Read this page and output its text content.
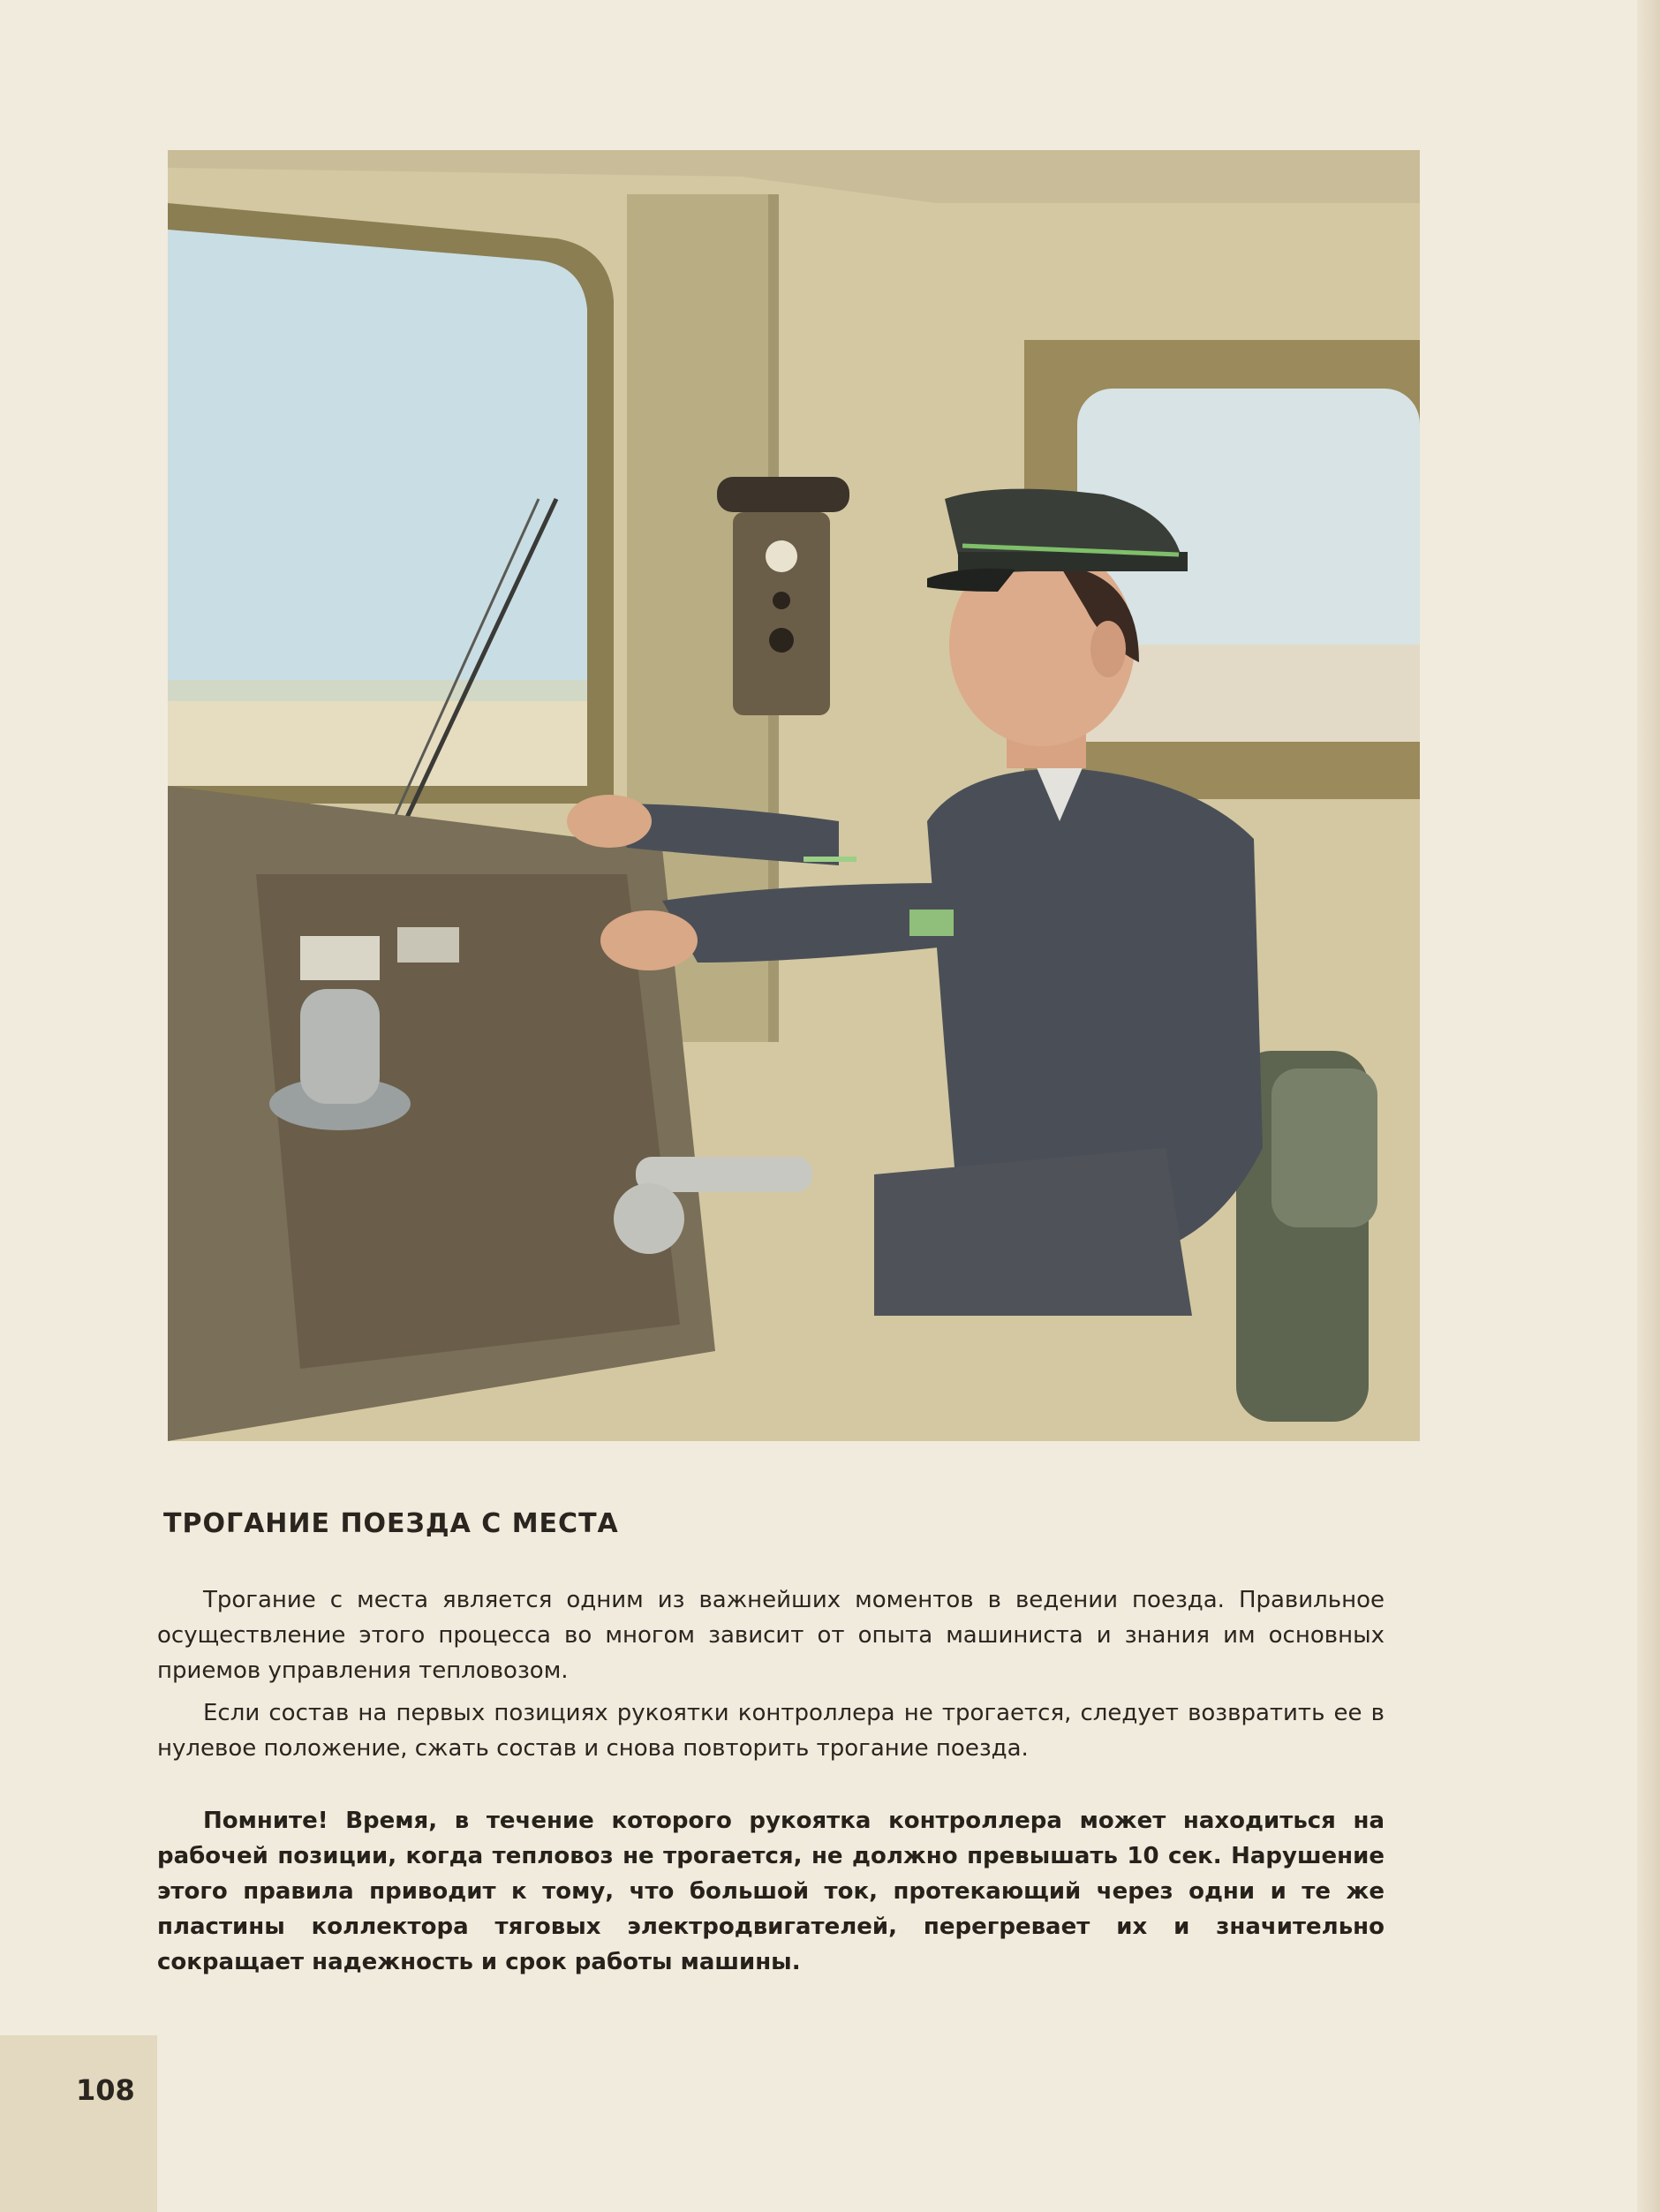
ТРОГАНИЕ ПОЕЗДА С МЕСТА

Трогание с места является одним из важнейших моментов в ведении поезда. Правильное осуществление этого процесса во многом зависит от опыта машиниста и знания им основных приемов управления тепловозом.

Если состав на первых позициях рукоятки контроллера не трогается, следует возвратить ее в нулевое положение, сжать состав и снова повторить трогание поезда.

Помните! Время, в течение которого рукоятка контроллера может находиться на рабочей позиции, когда тепловоз не трогается, не должно превышать 10 сек. Нарушение этого правила приводит к тому, что большой ток, протекающий через одни и те же пластины коллектора тяговых электродвигателей, перегревает их и значительно сокращает надежность и срок работы машины.

108
